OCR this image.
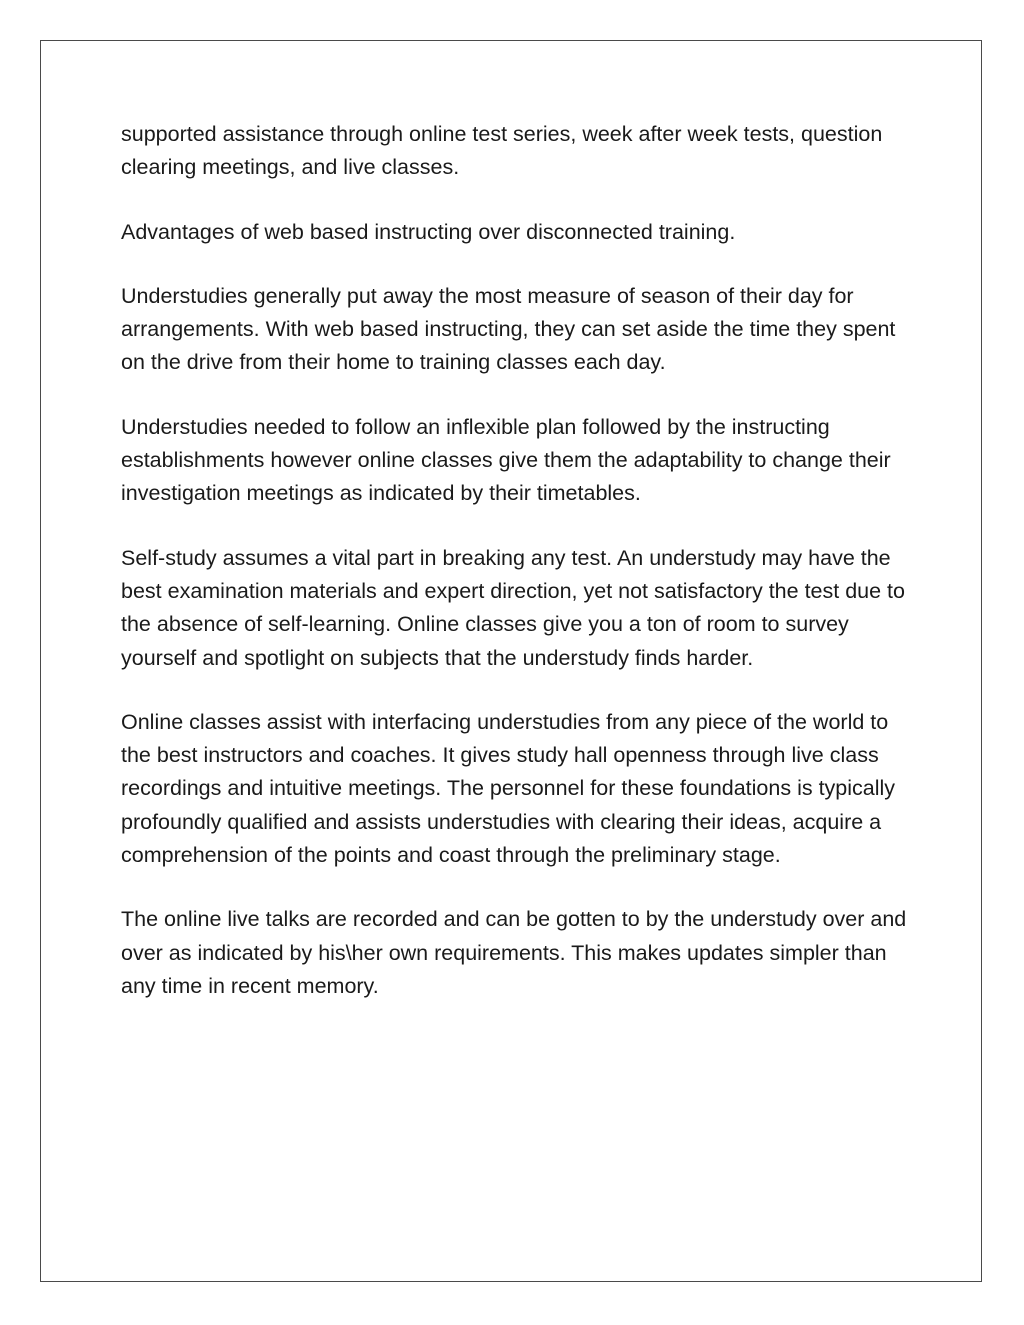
supported assistance through online test series, week after week tests, question clearing meetings, and live classes.

Advantages of web based instructing over disconnected training.

Understudies generally put away the most measure of season of their day for arrangements. With web based instructing, they can set aside the time they spent on the drive from their home to training classes each day.

Understudies needed to follow an inflexible plan followed by the instructing establishments however online classes give them the adaptability to change their investigation meetings as indicated by their timetables.

Self-study assumes a vital part in breaking any test. An understudy may have the best examination materials and expert direction, yet not satisfactory the test due to the absence of self-learning. Online classes give you a ton of room to survey yourself and spotlight on subjects that the understudy finds harder.

Online classes assist with interfacing understudies from any piece of the world to the best instructors and coaches. It gives study hall openness through live class recordings and intuitive meetings. The personnel for these foundations is typically profoundly qualified and assists understudies with clearing their ideas, acquire a comprehension of the points and coast through the preliminary stage.

The online live talks are recorded and can be gotten to by the understudy over and over as indicated by his\her own requirements. This makes updates simpler than any time in recent memory.
